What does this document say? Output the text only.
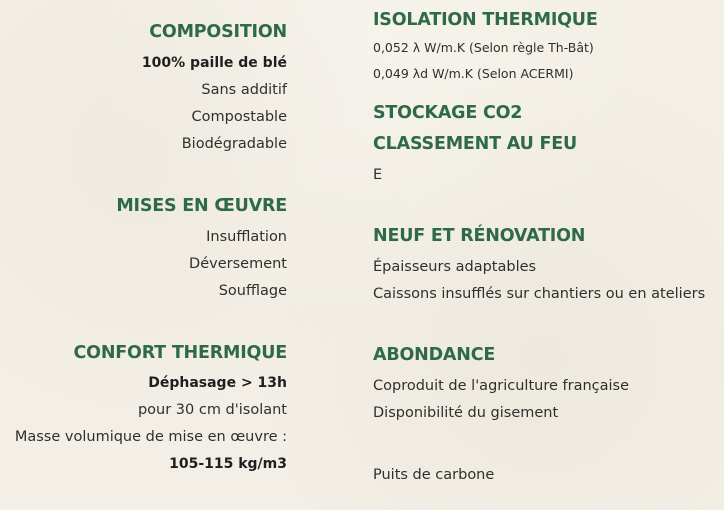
COMPOSITION
100% paille de blé
Sans additif
Compostable
Biodégradable
MISES EN ŒUVRE
Insufflation
Déversement
Soufflage
CONFORT THERMIQUE
Déphasage > 13h
pour 30 cm d'isolant
Masse volumique de mise en œuvre :
105-115 kg/m3
ISOLATION THERMIQUE
0,052 λ W/m.K (Selon règle Th-Bât)
0,049 λd W/m.K (Selon ACERMI)
STOCKAGE CO2
CLASSEMENT AU FEU
E
NEUF ET RÉNOVATION
Épaisseurs adaptables
Caissons insufflés sur chantiers ou en ateliers
ABONDANCE
Coproduit de l'agriculture française
Disponibilité du gisement
Puits de carbone
